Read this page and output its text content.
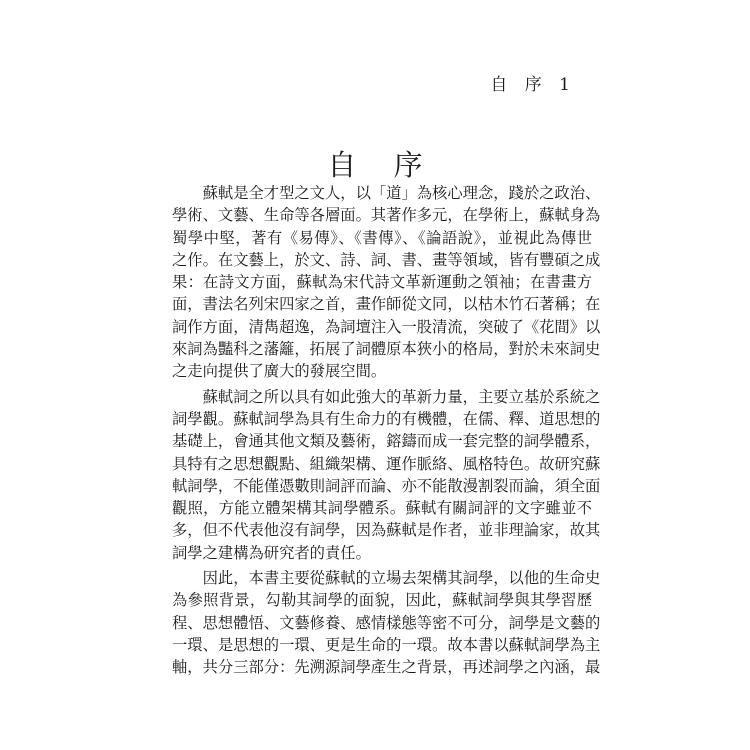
自 序 1
自 序
　　蘇軾是全才型之文人，以「道」為核心理念，踐於之政治、
學術、文藝、生命等各層面。其著作多元，在學術上，蘇軾身為
蜀學中堅，著有《易傳》、《書傳》、《論語說》，並視此為傳世
之作。在文藝上，於文、詩、詞、書、畫等領域，皆有豐碩之成
果：在詩文方面，蘇軾為宋代詩文革新運動之領袖；在書畫方
面，書法名列宋四家之首，畫作師從文同，以枯木竹石著稱；在
詞作方面，清雋超逸，為詞壇注入一股清流，突破了《花間》以
來詞為豔科之藩籬，拓展了詞體原本狹小的格局，對於未來詞史
之走向提供了廣大的發展空間。
　　蘇軾詞之所以具有如此強大的革新力量，主要立基於系統之
詞學觀。蘇軾詞學為具有生命力的有機體，在儒、釋、道思想的
基礎上，會通其他文類及藝術，鎔鑄而成一套完整的詞學體系，
具特有之思想觀點、組織架構、運作脈絡、風格特色。故研究蘇
軾詞學，不能僅憑數則詞評而論、亦不能散漫割裂而論，須全面
觀照，方能立體架構其詞學體系。蘇軾有關詞評的文字雖並不
多，但不代表他沒有詞學，因為蘇軾是作者，並非理論家，故其
詞學之建構為研究者的責任。
　　因此，本書主要從蘇軾的立場去架構其詞學，以他的生命史
為參照背景，勾勒其詞學的面貌，因此，蘇軾詞學與其學習歷
程、思想體悟、文藝修養、感情樣態等密不可分，詞學是文藝的
一環、是思想的一環、更是生命的一環。故本書以蘇軾詞學為主
軸，共分三部分：先溯源詞學產生之背景，再述詞學之內涵，最
